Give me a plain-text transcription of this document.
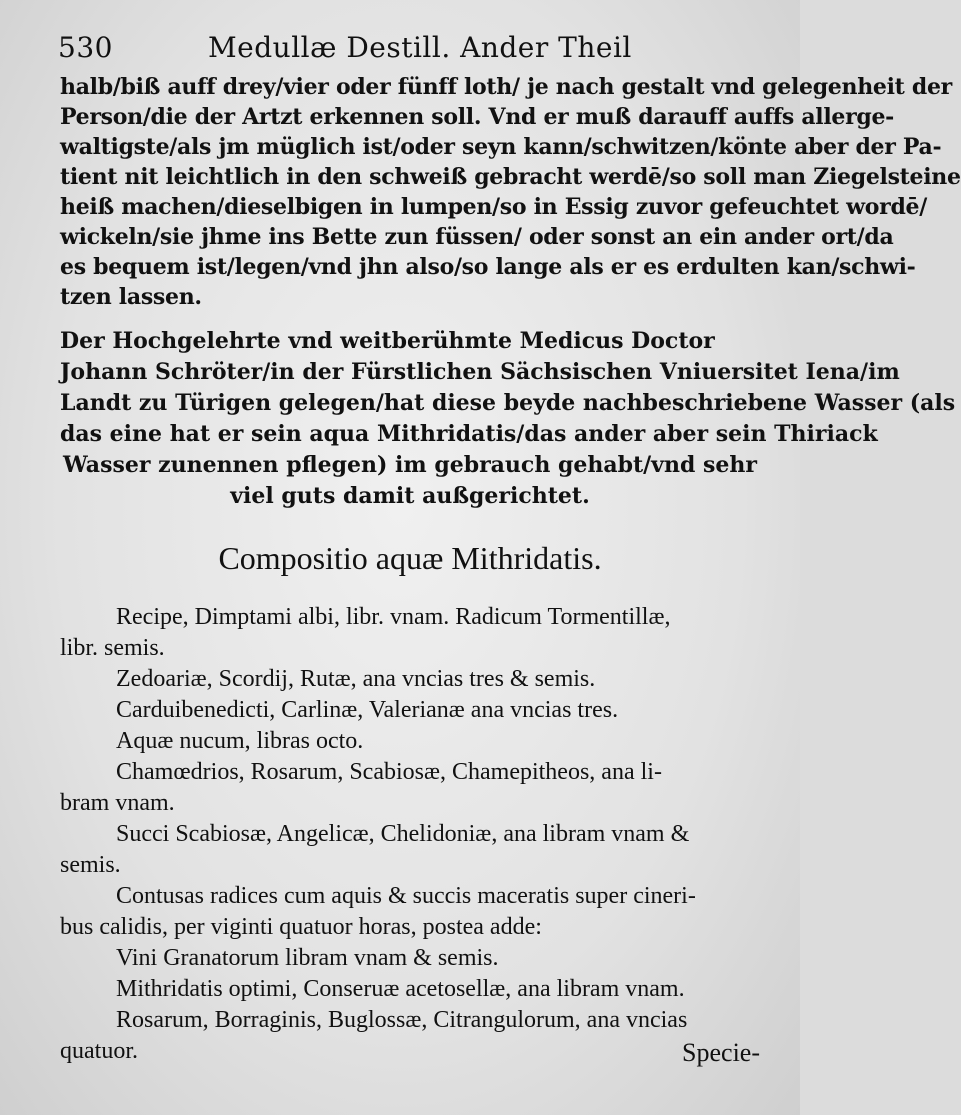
530	Medullæ Destill. Ander Theil
halb/biß auff drey/vier oder fünff loth/ je nach gestalt vnd gelegenheit der
Person/die der Artzt erkennen soll. Vnd er muß darauff auffs allerge-
waltigste/als jm müglich ist/oder seyn kann/schwitzen/könte aber der Pa-
tient nit leichtlich in den schweiß gebracht werdē/so soll man Ziegelsteine
heiß machen/dieselbigen in lumpen/so in Essig zuvor gefeuchtet wordē/
wickeln/sie jhme ins Bette zun füssen/ oder sonst an ein ander ort/da
es bequem ist/legen/vnd jhn also/so lange als er es erdulten kan/schwi-
tzen lassen.
Der Hochgelehrte vnd weitberühmte Medicus Doctor
Johann Schröter/in der Fürstlichen Sächsischen Vniuersitet Iena/im
Landt zu Türigen gelegen/hat diese beyde nachbeschriebene Wasser (als
das eine hat er sein aqua Mithridatis/das ander aber sein Thiriack
Wasser zunennen pflegen) im gebrauch gehabt/vnd sehr
viel guts damit außgerichtet.
Compositio aquæ Mithridatis.
Recipe, Dimptami albi, libr. vnam. Radicum Tormentillæ,
libr. semis.
Zedoariæ, Scordij, Rutæ, ana vncias tres & semis.
Carduibenedicti, Carlinæ, Valerianæ ana vncias tres.
Aquæ nucum, libras octo.
Chamœdrios, Rosarum, Scabiosæ, Chamepitheos, ana li-
bram vnam.
Succi Scabiosæ, Angelicæ, Chelidoniæ, ana libram vnam &
semis.
Contusas radices cum aquis & succis maceratis super cineri-
bus calidis, per viginti quatuor horas, postea adde:
Vini Granatorum libram vnam & semis.
Mithridatis optimi, Conseruæ acetosellæ, ana libram vnam.
Rosarum, Borraginis, Buglossæ, Citrangulorum, ana vncias
quatuor.	Specie-
